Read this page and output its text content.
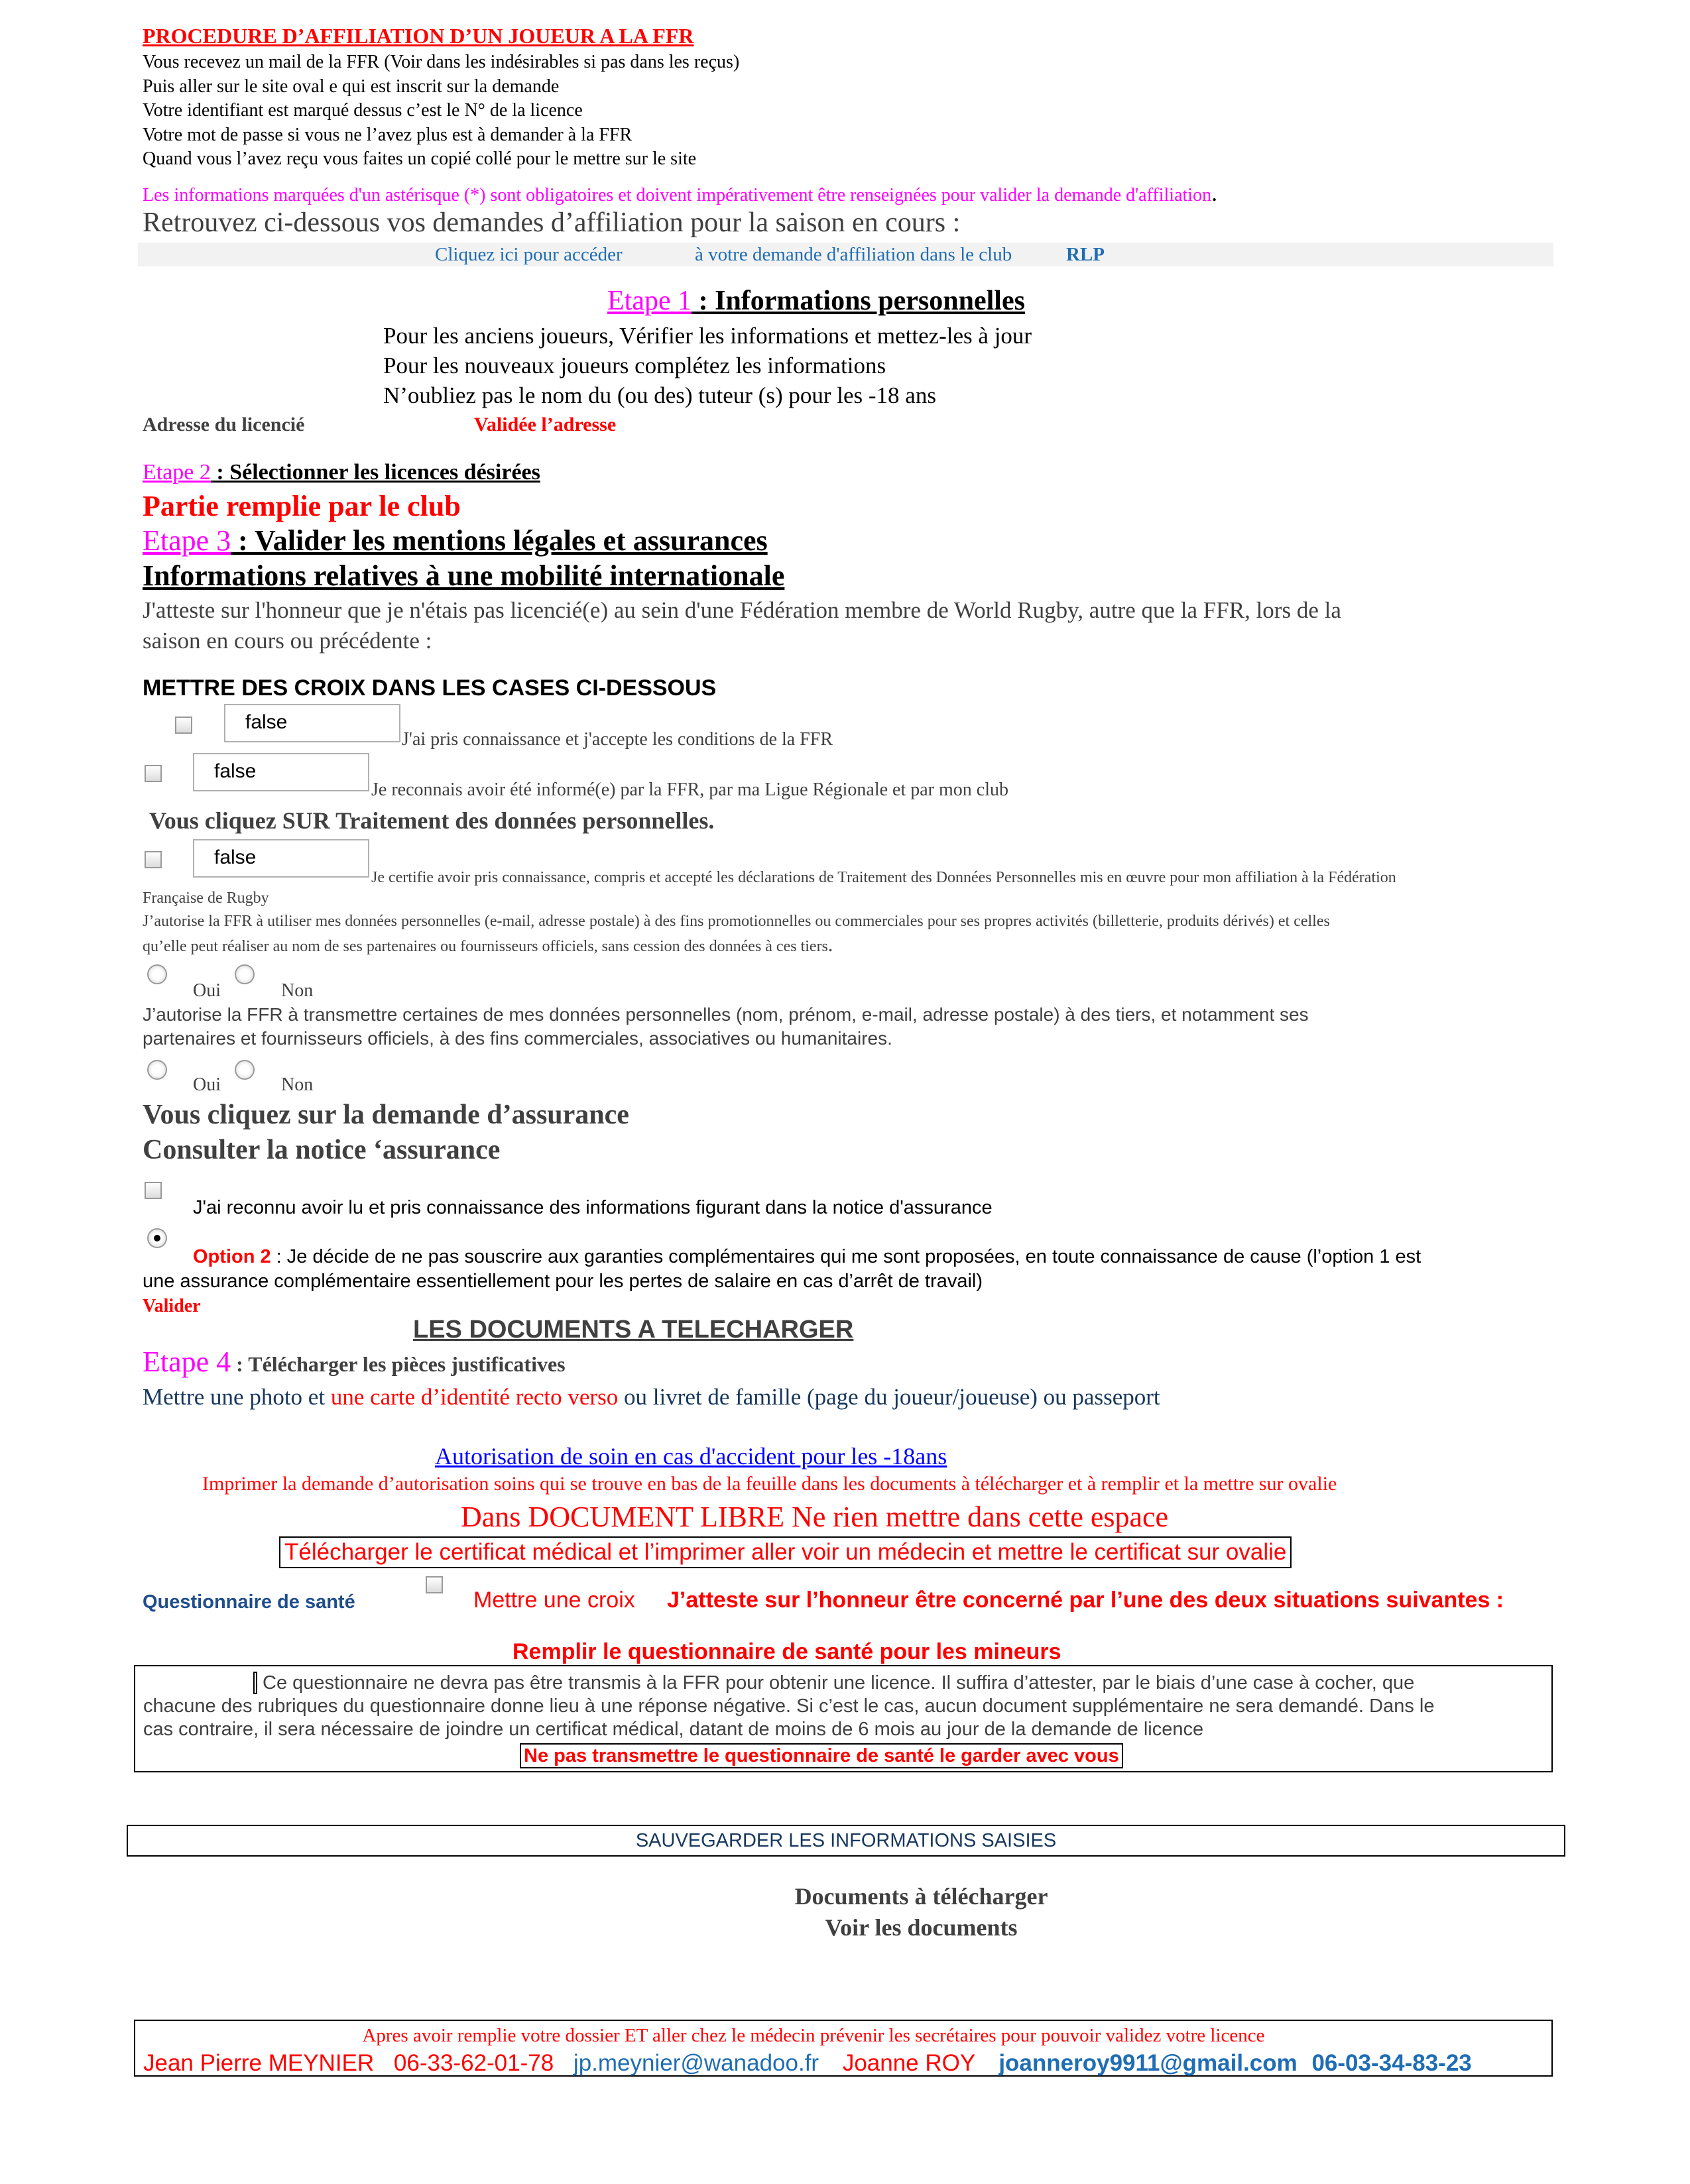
PROCEDURE D’AFFILIATION D’UN JOUEUR A LA FFR
Vous recevez un mail de la FFR (Voir dans les indésirables si pas dans les reçus)
Puis aller sur le site oval e qui est inscrit sur la demande
Votre identifiant est marqué dessus c’est le N° de la licence
Votre mot de passe si vous ne l’avez plus est à demander à la FFR
Quand vous l’avez reçu vous faites un copié collé pour le mettre sur le site
Les informations marquées d'un astérisque (*) sont obligatoires et doivent impérativement être renseignées pour valider la demande d'affiliation.
Retrouvez ci-dessous vos demandes d’affiliation pour la saison en cours :
Cliquez ici pour accéder	à votre demande d'affiliation dans le club	RLP
Etape 1 : Informations personnelles
Pour les anciens joueurs, Vérifier les informations et mettez-les à jour
Pour les nouveaux joueurs complétez les informations
N’oubliez pas le nom du (ou des) tuteur (s) pour les -18 ans
Adresse du licencié	Validée l’adresse
Etape 2 : Sélectionner les licences désirées
Partie remplie par le club
Etape 3 : Valider les mentions légales et assurances
Informations relatives à une mobilité internationale
J'atteste sur l'honneur que je n'étais pas licencié(e) au sein d'une Fédération membre de World Rugby, autre que la FFR, lors de la
saison en cours ou précédente :
METTRE DES CROIX DANS LES CASES CI-DESSOUS
false
J'ai pris connaissance et j'accepte les conditions de la FFR
false
Je reconnais avoir été informé(e) par la FFR, par ma Ligue Régionale et par mon club
Vous cliquez SUR Traitement des données personnelles.
false
Je certifie avoir pris connaissance, compris et accepté les déclarations de Traitement des Données Personnelles mis en œuvre pour mon affiliation à la Fédération
Française de Rugby
J’autorise la FFR à utiliser mes données personnelles (e-mail, adresse postale) à des fins promotionnelles ou commerciales pour ses propres activités (billetterie, produits dérivés) et celles
qu’elle peut réaliser au nom de ses partenaires ou fournisseurs officiels, sans cession des données à ces tiers.
Oui	Non
J’autorise la FFR à transmettre certaines de mes données personnelles (nom, prénom, e-mail, adresse postale) à des tiers, et notamment ses
partenaires et fournisseurs officiels, à des fins commerciales, associatives ou humanitaires.
Oui	Non
Vous cliquez sur la demande d’assurance
Consulter la notice ‘assurance
J'ai reconnu avoir lu et pris connaissance des informations figurant dans la notice d'assurance
Option 2 : Je décide de ne pas souscrire aux garanties complémentaires qui me sont proposées, en toute connaissance de cause (l’option 1 est
une assurance complémentaire essentiellement pour les pertes de salaire en cas d’arrêt de travail)
Valider
LES DOCUMENTS A TELECHARGER
Etape 4 : Télécharger les pièces justificatives
Mettre une photo et une carte d’identité recto verso ou livret de famille (page du joueur/joueuse) ou passeport
Autorisation de soin en cas d'accident pour les -18ans
Imprimer la demande d’autorisation soins qui se trouve en bas de la feuille dans les documents à télécharger et à remplir et la mettre sur ovalie
Dans DOCUMENT LIBRE Ne rien mettre dans cette espace
Télécharger le certificat médical et l’imprimer aller voir un médecin et mettre le certificat sur ovalie
Questionnaire de santé	Mettre une croix J’atteste sur l’honneur être concerné par l’une des deux situations suivantes :
Remplir le questionnaire de santé pour les mineurs
Ce questionnaire ne devra pas être transmis à la FFR pour obtenir une licence. Il suffira d’attester, par le biais d’une case à cocher, que
chacune des rubriques du questionnaire donne lieu à une réponse négative. Si c’est le cas, aucun document supplémentaire ne sera demandé. Dans le
cas contraire, il sera nécessaire de joindre un certificat médical, datant de moins de 6 mois au jour de la demande de licence
Ne pas transmettre le questionnaire de santé le garder avec vous
SAUVEGARDER LES INFORMATIONS SAISIES
Documents à télécharger
Voir les documents
Apres avoir remplie votre dossier ET aller chez le médecin prévenir les secrétaires pour pouvoir validez votre licence
Jean Pierre MEYNIER 06-33-62-01-78 jp.meynier@wanadoo.fr Joanne ROY joanneroy9911@gmail.com 06-03-34-83-23
